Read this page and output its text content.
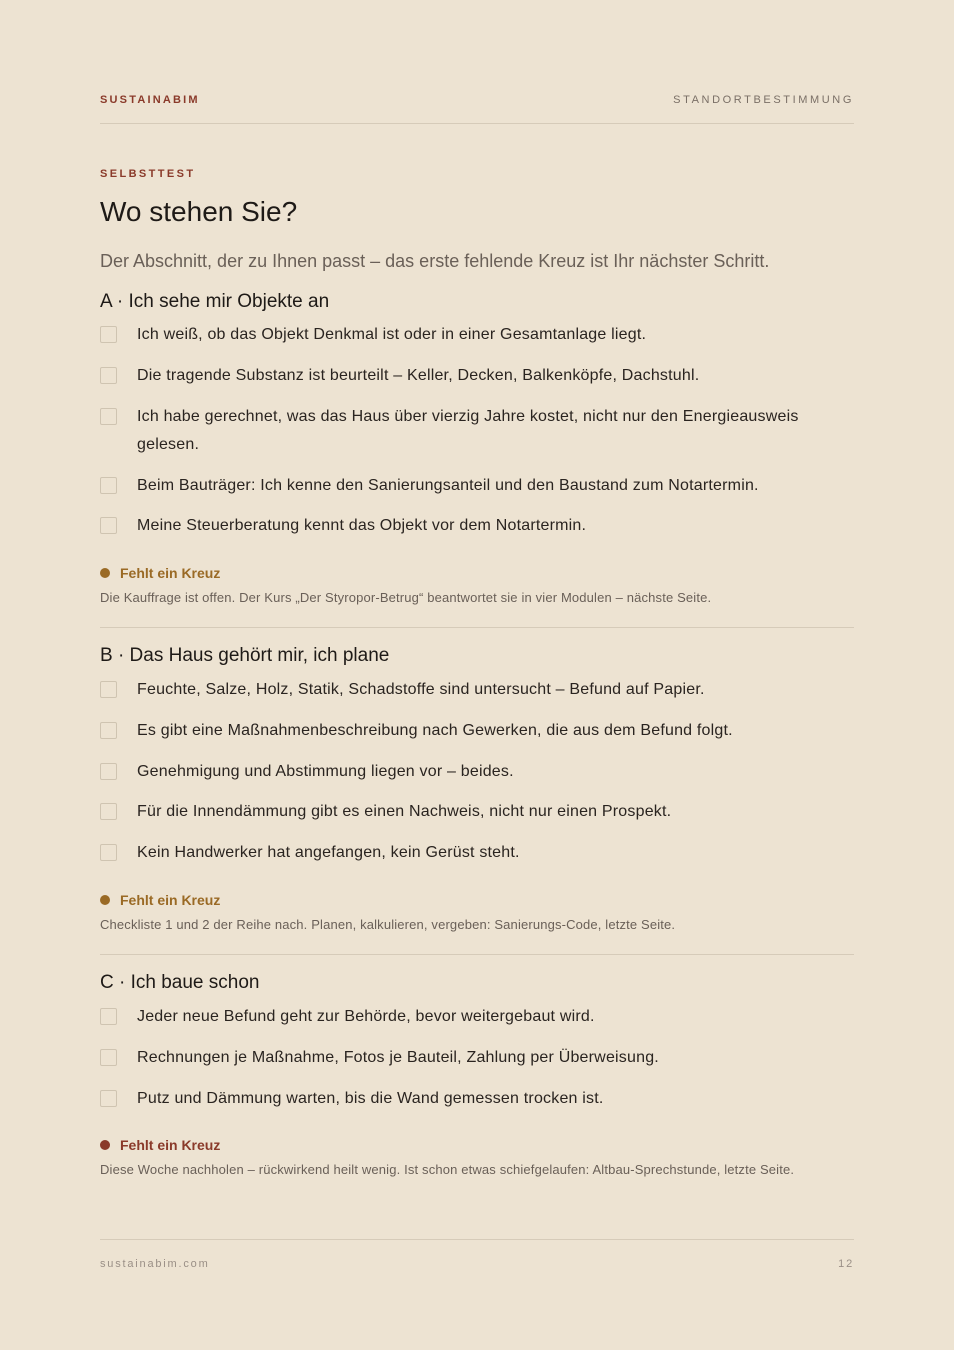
SUSTAINABIM	STANDORTBESTIMMUNG
SELBSTTEST
Wo stehen Sie?
Der Abschnitt, der zu Ihnen passt – das erste fehlende Kreuz ist Ihr nächster Schritt.
A · Ich sehe mir Objekte an
Ich weiß, ob das Objekt Denkmal ist oder in einer Gesamtanlage liegt.
Die tragende Substanz ist beurteilt – Keller, Decken, Balkenköpfe, Dachstuhl.
Ich habe gerechnet, was das Haus über vierzig Jahre kostet, nicht nur den Energieausweis gelesen.
Beim Bauträger: Ich kenne den Sanierungsanteil und den Baustand zum Notartermin.
Meine Steuerberatung kennt das Objekt vor dem Notartermin.
Fehlt ein Kreuz
Die Kauffrage ist offen. Der Kurs „Der Styropor-Betrug“ beantwortet sie in vier Modulen – nächste Seite.
B · Das Haus gehört mir, ich plane
Feuchte, Salze, Holz, Statik, Schadstoffe sind untersucht – Befund auf Papier.
Es gibt eine Maßnahmenbeschreibung nach Gewerken, die aus dem Befund folgt.
Genehmigung und Abstimmung liegen vor – beides.
Für die Innendämmung gibt es einen Nachweis, nicht nur einen Prospekt.
Kein Handwerker hat angefangen, kein Gerüst steht.
Fehlt ein Kreuz
Checkliste 1 und 2 der Reihe nach. Planen, kalkulieren, vergeben: Sanierungs-Code, letzte Seite.
C · Ich baue schon
Jeder neue Befund geht zur Behörde, bevor weitergebaut wird.
Rechnungen je Maßnahme, Fotos je Bauteil, Zahlung per Überweisung.
Putz und Dämmung warten, bis die Wand gemessen trocken ist.
Fehlt ein Kreuz
Diese Woche nachholen – rückwirkend heilt wenig. Ist schon etwas schiefgelaufen: Altbau-Sprechstunde, letzte Seite.
sustainabim.com	12
